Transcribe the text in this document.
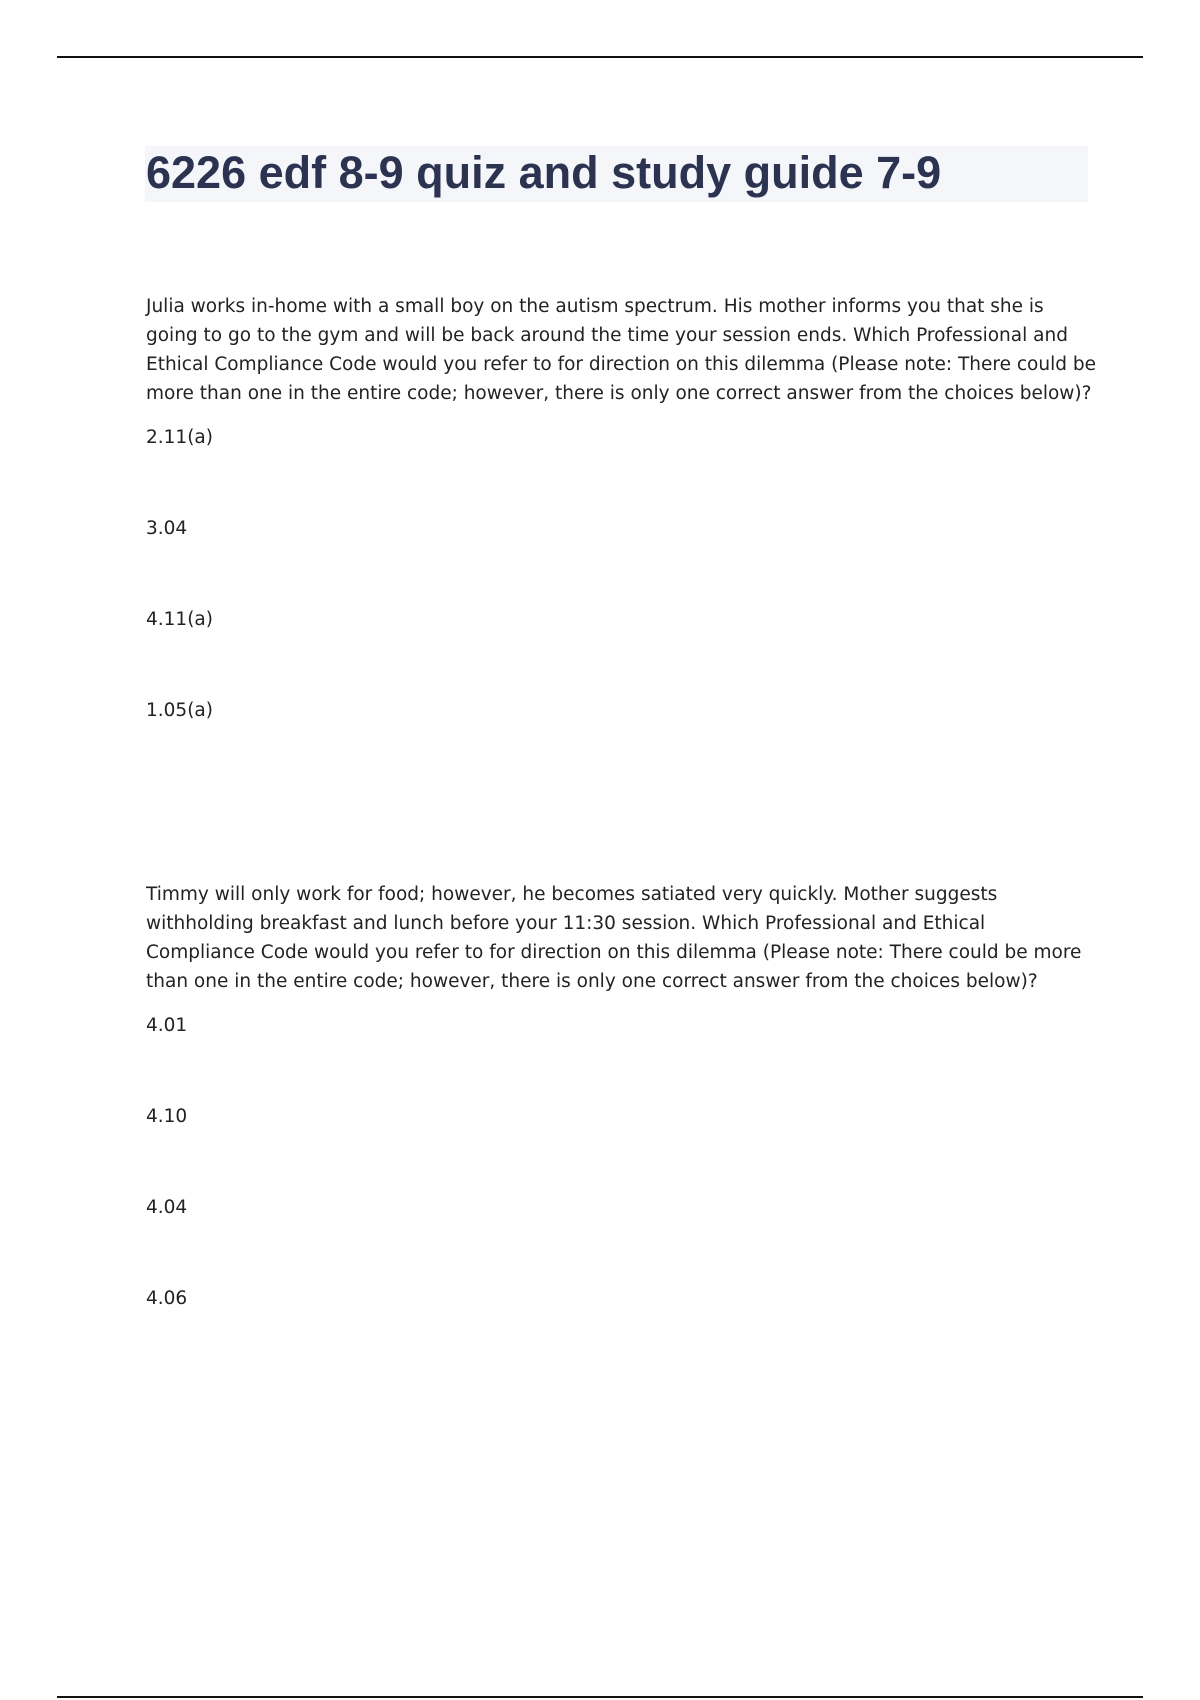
6226 edf 8-9 quiz and study guide 7-9

Julia works in-home with a small boy on the autism spectrum. His mother informs you that she is going to go to the gym and will be back around the time your session ends. Which Professional and Ethical Compliance Code would you refer to for direction on this dilemma (Please note: There could be more than one in the entire code; however, there is only one correct answer from the choices below)?

2.11(a)
3.04
4.11(a)
1.05(a)

Timmy will only work for food; however, he becomes satiated very quickly. Mother suggests withholding breakfast and lunch before your 11:30 session. Which Professional and Ethical Compliance Code would you refer to for direction on this dilemma (Please note: There could be more than one in the entire code; however, there is only one correct answer from the choices below)?

4.01
4.10
4.04
4.06
